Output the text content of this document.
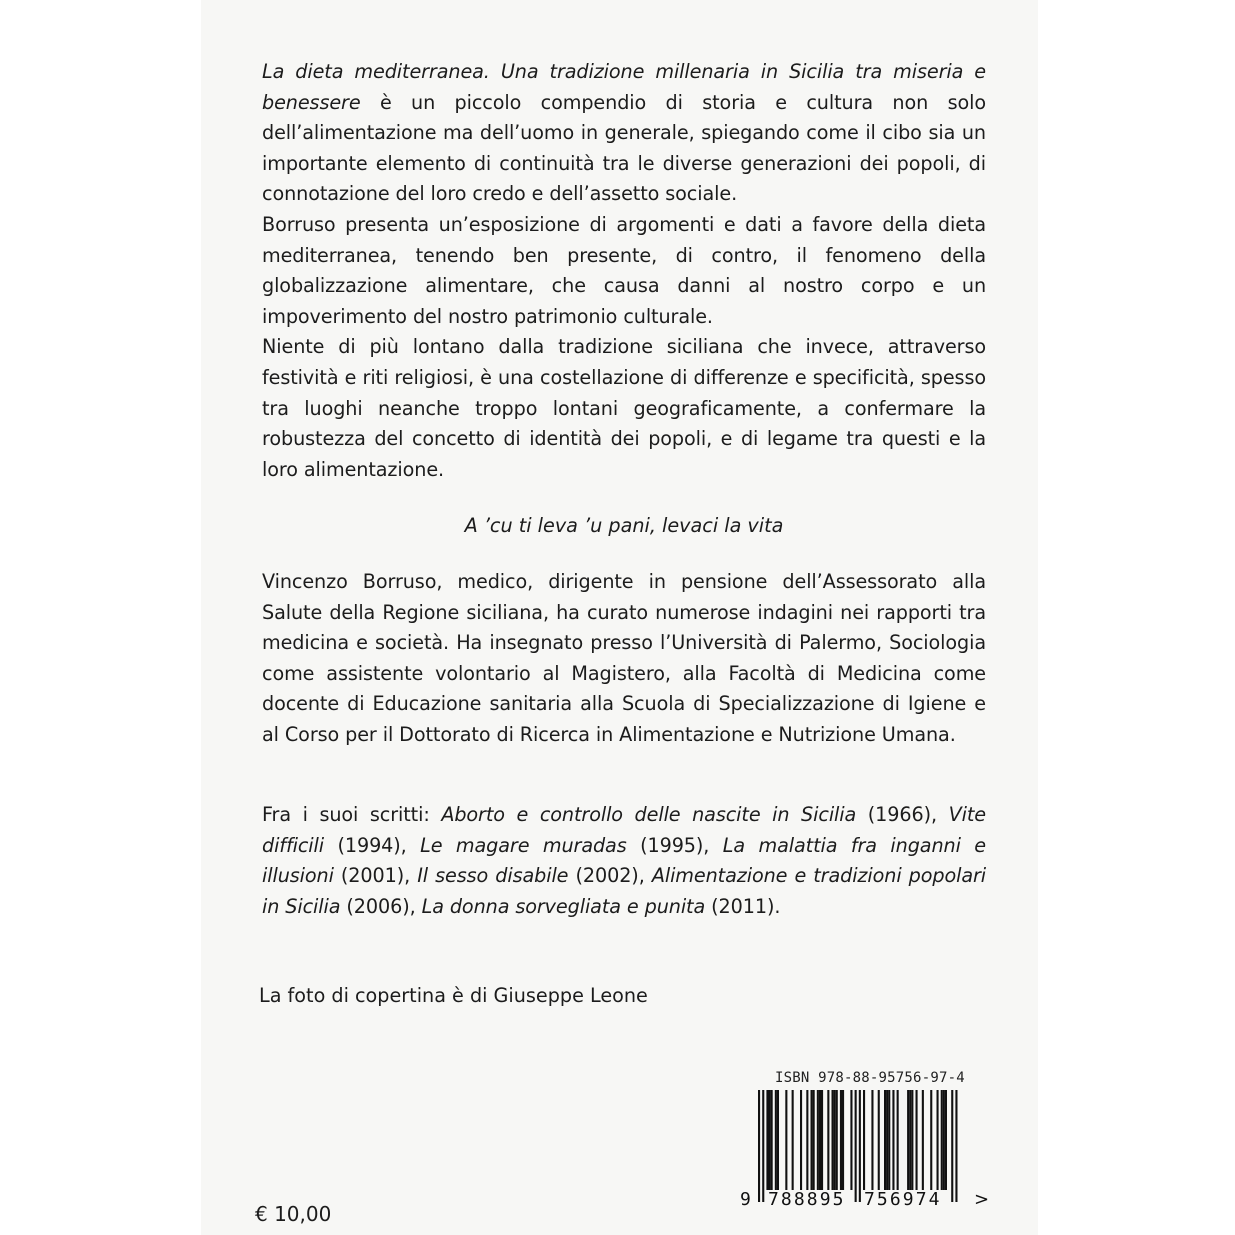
La dieta mediterranea. Una tradizione millenaria in Sicilia tra miseria e benessere è un piccolo compendio di storia e cultura non solo dell’alimentazione ma dell’uomo in generale, spiegando come il cibo sia un importante elemento di continuità tra le diverse generazioni dei popoli, di connotazione del loro credo e dell’assetto sociale.

Borruso presenta un’esposizione di argomenti e dati a favore della dieta mediterranea, tenendo ben presente, di contro, il fenomeno della globalizzazione alimentare, che causa danni al nostro corpo e un impoverimento del nostro patrimonio culturale.

Niente di più lontano dalla tradizione siciliana che invece, attraverso festività e riti religiosi, è una costellazione di differenze e specificità, spesso tra luoghi neanche troppo lontani geograficamente, a confermare la robustezza del concetto di identità dei popoli, e di legame tra questi e la loro alimentazione.

A ’cu ti leva ’u pani, levaci la vita

Vincenzo Borruso, medico, dirigente in pensione dell’Assessorato alla Salute della Regione siciliana, ha curato numerose indagini nei rapporti tra medicina e società. Ha insegnato presso l’Università di Palermo, Sociologia come assistente volontario al Magistero, alla Facoltà di Medicina come docente di Educazione sanitaria alla Scuola di Specializzazione di Igiene e al Corso per il Dottorato di Ricerca in Alimentazione e Nutrizione Umana.

Fra i suoi scritti: Aborto e controllo delle nascite in Sicilia (1966), Vite difficili (1994), Le magare muradas (1995), La malattia fra inganni e illusioni (2001), Il sesso disabile (2002), Alimentazione e tradizioni popolari in Sicilia (2006), La donna sorvegliata e punita (2011).

La foto di copertina è di Giuseppe Leone
€ 10,00
ISBN 978-88-95756-97-4
9 788895 756974 >
